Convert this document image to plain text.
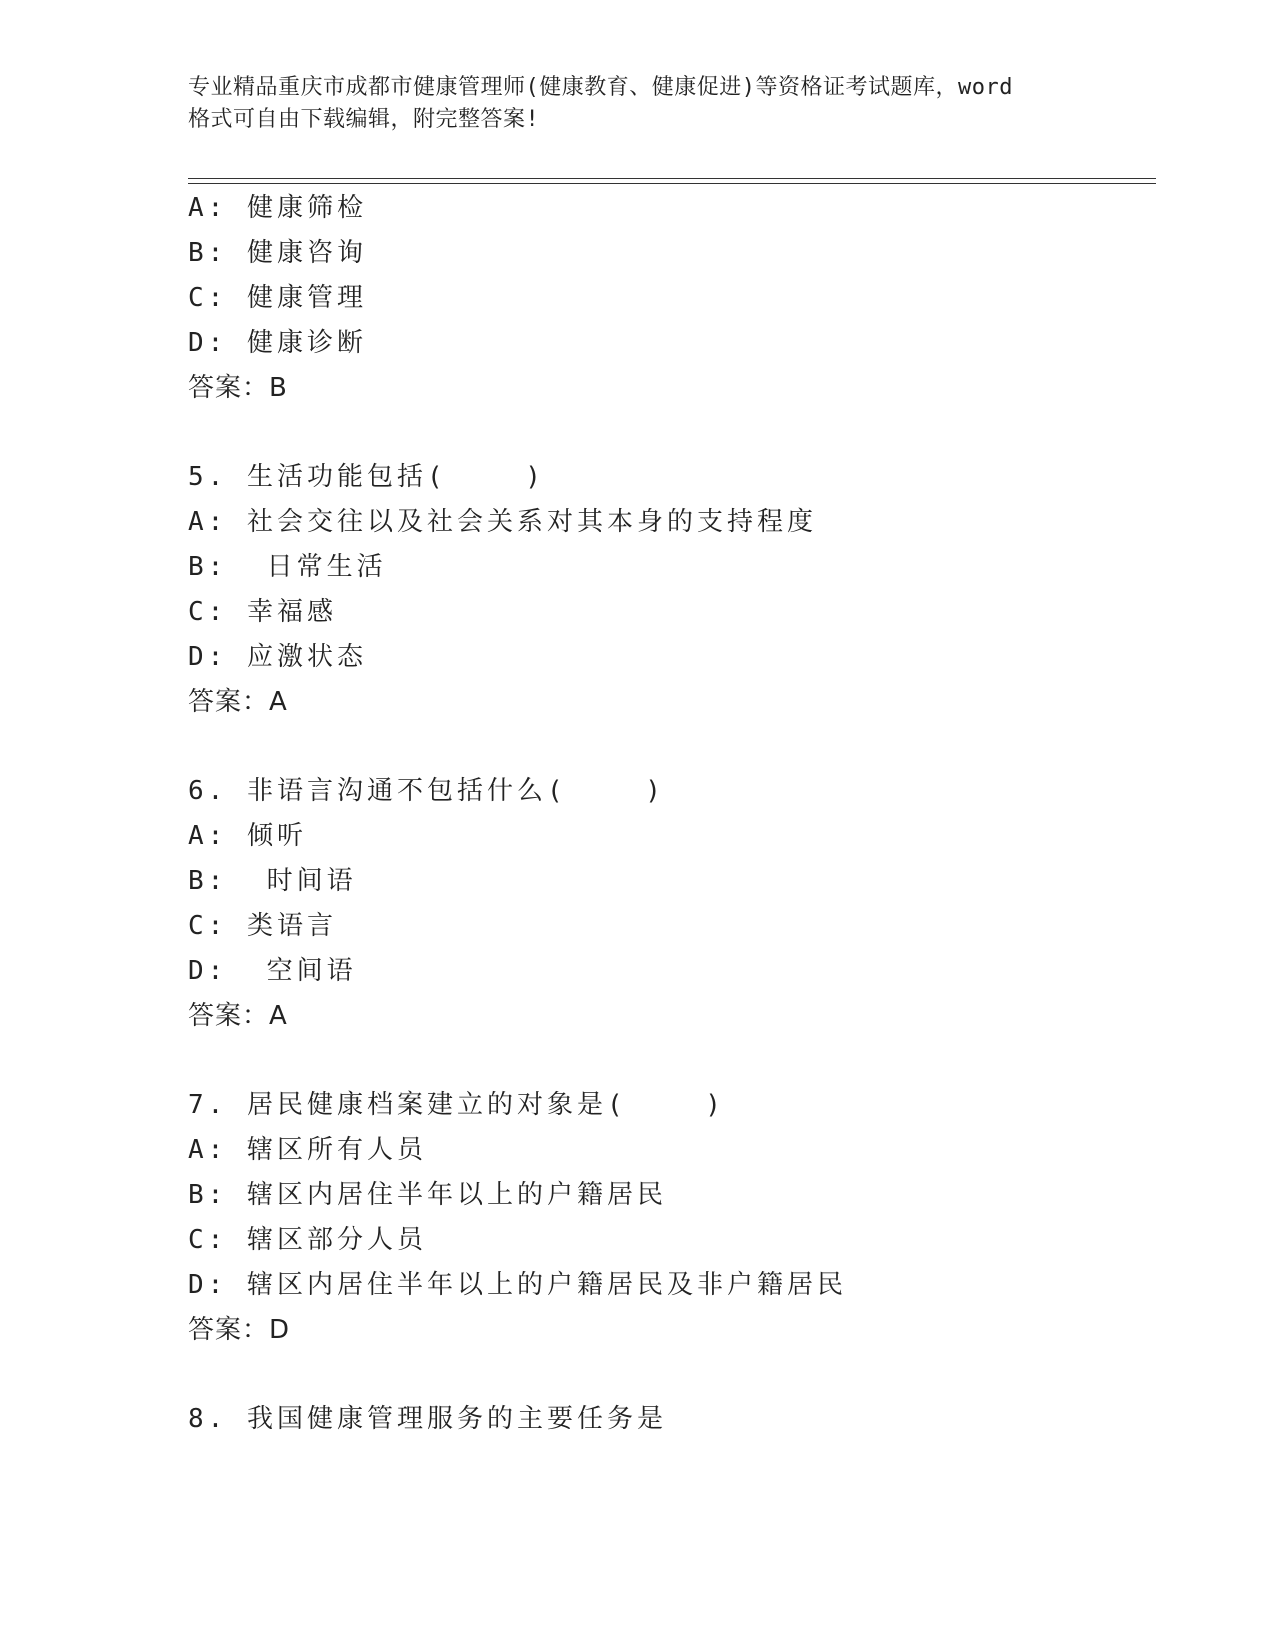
专业精品重庆市成都市健康管理师(健康教育、健康促进)等资格证考试题库，word
格式可自由下载编辑，附完整答案!
A: 健康筛检
B: 健康咨询
C: 健康管理
D: 健康诊断
答案：B
5. 生活功能包括(    )
A: 社会交往以及社会关系对其本身的支持程度
B:  日常生活
C: 幸福感
D: 应激状态
答案：A
6. 非语言沟通不包括什么(    )
A: 倾听
B:  时间语
C: 类语言
D:  空间语
答案：A
7. 居民健康档案建立的对象是(    )
A: 辖区所有人员
B: 辖区内居住半年以上的户籍居民
C: 辖区部分人员
D: 辖区内居住半年以上的户籍居民及非户籍居民
答案：D
8. 我国健康管理服务的主要任务是
